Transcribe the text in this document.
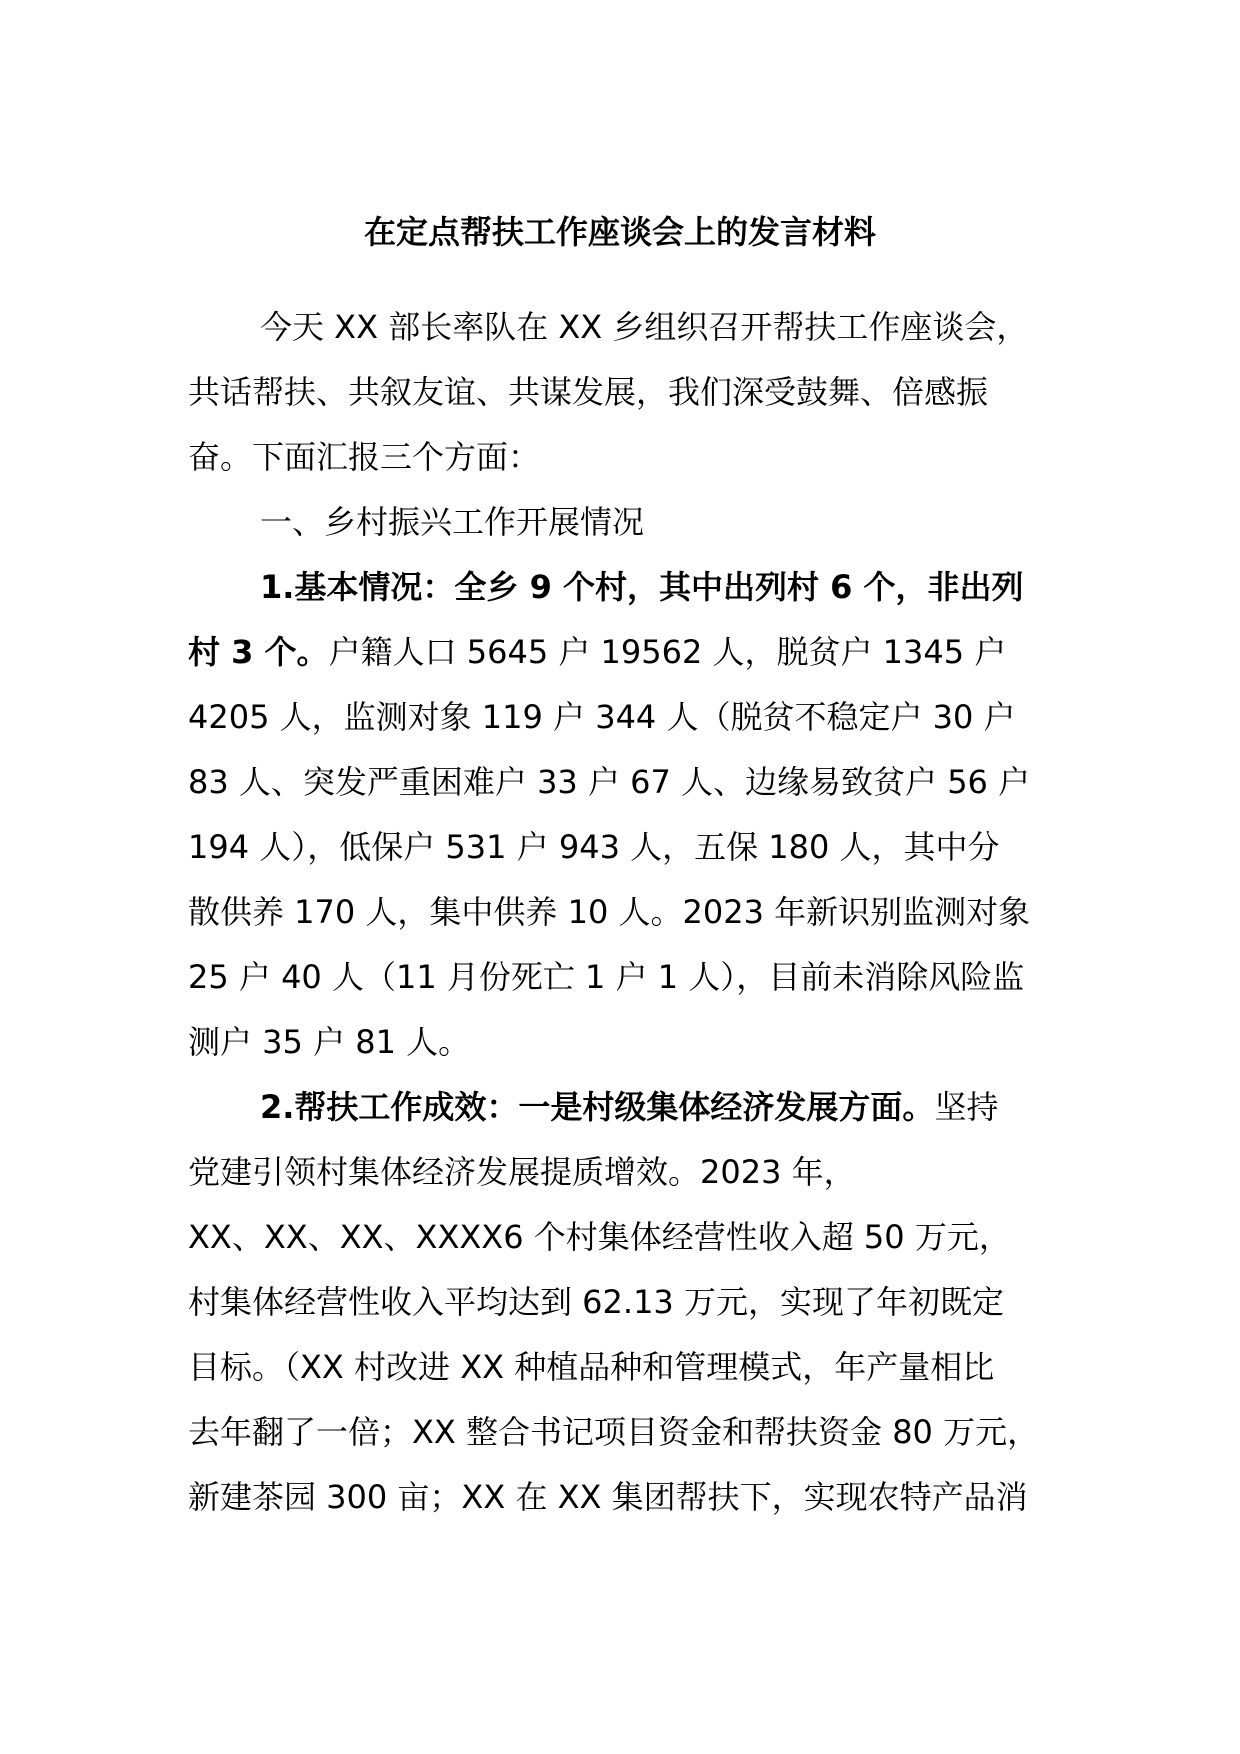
在定点帮扶工作座谈会上的发言材料
今天 XX 部长率队在 XX 乡组织召开帮扶工作座谈会，
共话帮扶、共叙友谊、共谋发展，我们深受鼓舞、倍感振
奋。下面汇报三个方面：
一、乡村振兴工作开展情况
1.基本情况：全乡 9 个村，其中出列村 6 个，非出列
村 3 个。户籍人口 5645 户 19562 人，脱贫户 1345 户
4205 人，监测对象 119 户 344 人（脱贫不稳定户 30 户
83 人、突发严重困难户 33 户 67 人、边缘易致贫户 56 户
194 人），低保户 531 户 943 人，五保 180 人，其中分
散供养 170 人，集中供养 10 人。2023 年新识别监测对象
25 户 40 人（11 月份死亡 1 户 1 人），目前未消除风险监
测户 35 户 81 人。
2.帮扶工作成效：一是村级集体经济发展方面。坚持
党建引领村集体经济发展提质增效。2023 年，
XX、XX、XX、XXXX6 个村集体经营性收入超 50 万元，
村集体经营性收入平均达到 62.13 万元，实现了年初既定
目标。（XX 村改进 XX 种植品种和管理模式，年产量相比
去年翻了一倍；XX 整合书记项目资金和帮扶资金 80 万元，
新建茶园 300 亩；XX 在 XX 集团帮扶下，实现农特产品消
